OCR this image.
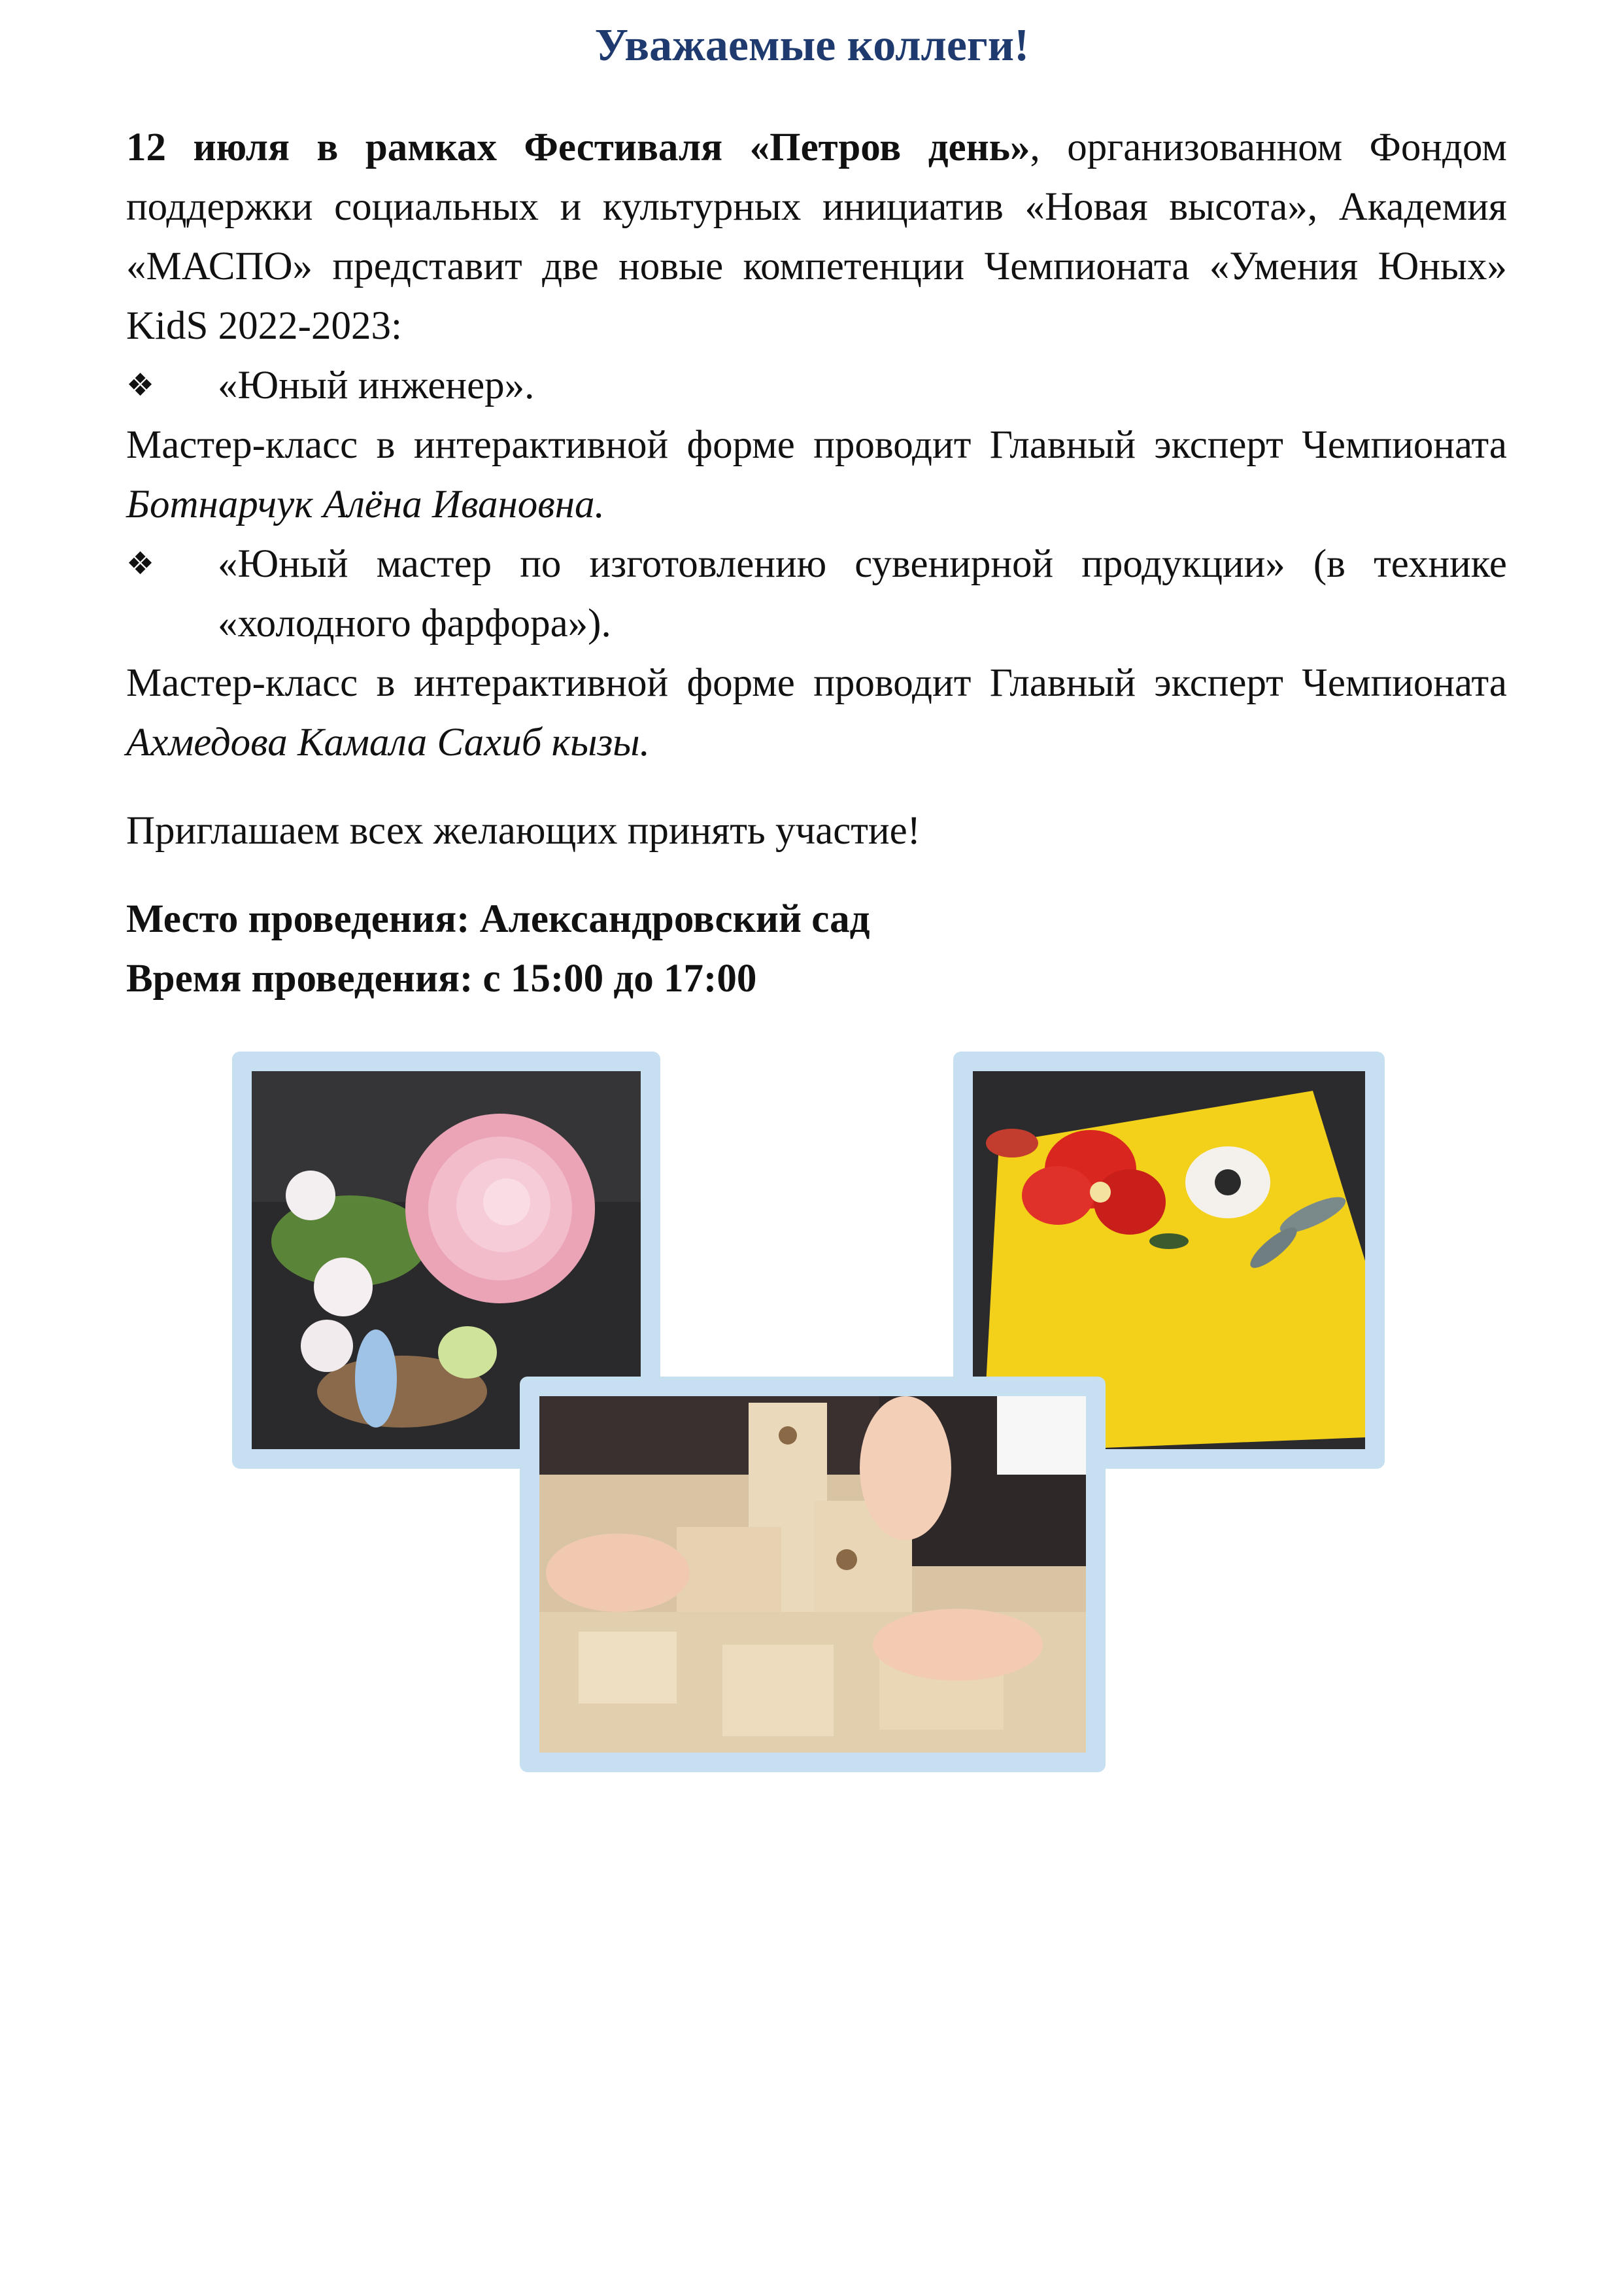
Уважаемые коллеги!

12 июля в рамках Фестиваля «Петров день», организованном Фондом поддержки социальных и культурных инициатив «Новая высота», Академия «МАСПО» представит две новые компетенции Чемпионата «Умения Юных» KidS 2022-2023:

❖	«Юный инженер».

Мастер-класс в интерактивной форме проводит Главный эксперт Чемпионата Ботнарчук Алёна Ивановна.

❖	«Юный мастер по изготовлению сувенирной продукции» (в технике «холодного фарфора»).

Мастер-класс в интерактивной форме проводит Главный эксперт Чемпионата Ахмедова Камала Сахиб кызы.

Приглашаем всех желающих принять участие!

Место проведения: Александровский сад

Время проведения: с 15:00 до 17:00
